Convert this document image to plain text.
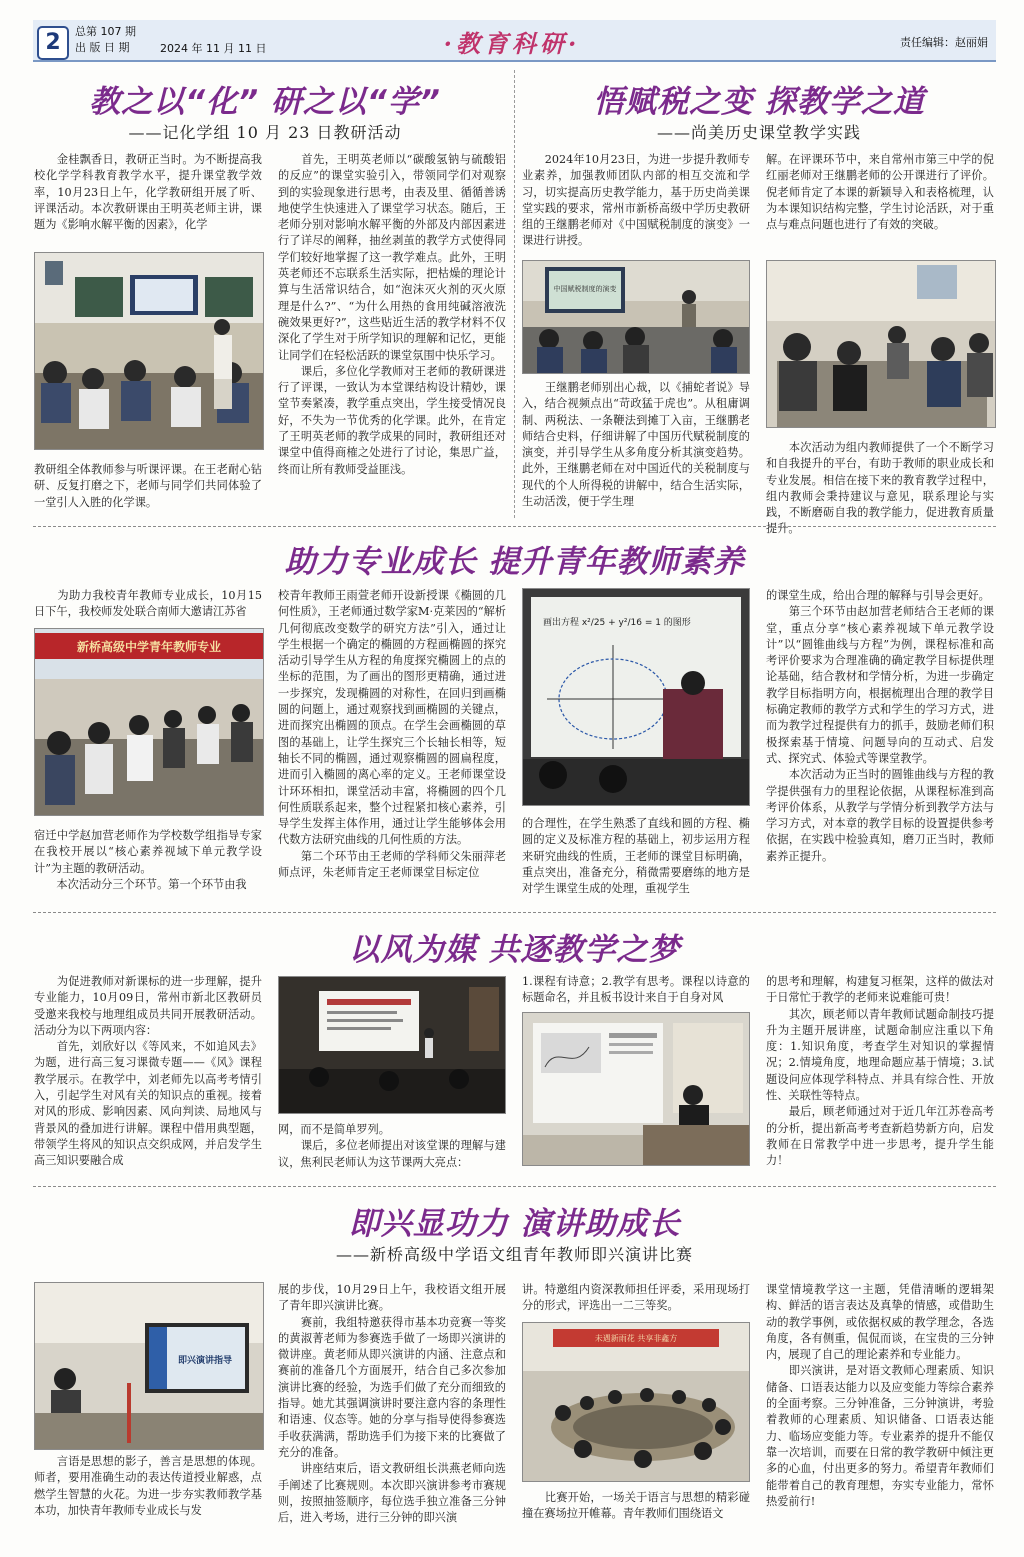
2	总第 107 期
出 版 日 期	2024 年 11 月 11 日	·教育科研·	责任编辑：赵丽娟
教之以“化” 研之以“学”
——记化学组 10 月 23 日教研活动
　　金桂飘香日，教研正当时。为不断提高我校化学学科教育教学水平，提升课堂教学效率，10月23日上午，化学教研组开展了听、评课活动。本次教研课由王明英老师主讲，课题为《影响水解平衡的因素》，化学
教研组全体教师参与听课评课。在王老耐心钻研、反复打磨之下，老师与同学们共同体验了一堂引人入胜的化学课。
　　首先，王明英老师以“碳酸氢钠与硫酸铝的反应”的课堂实验引入，带领同学们对观察到的实验现象进行思考，由表及里、循循善诱地使学生快速进入了课堂学习状态。随后，王老师分别对影响水解平衡的外部及内部因素进行了详尽的阐释，抽丝剥茧的教学方式使得同学们较好地掌握了这一教学难点。此外，王明英老师还不忘联系生活实际，把枯燥的理论计算与生活常识结合，如“泡沫灭火剂的灭火原理是什么?”、“为什么用热的食用纯碱溶液洗碗效果更好?”，这些贴近生活的教学材料不仅深化了学生对于所学知识的理解和记忆，更能让同学们在轻松活跃的课堂氛围中快乐学习。
　　课后，多位化学教师对王老师的教研课进行了评课，一致认为本堂课结构设计精妙，课堂节奏紧凑，教学重点突出，学生接受情况良好，不失为一节优秀的化学课。此外，在肯定了王明英老师的教学成果的同时，教研组还对课堂中值得商榷之处进行了讨论，集思广益，终而让所有教师受益匪浅。
悟赋税之变 探教学之道
——尚美历史课堂教学实践
　　2024年10月23日，为进一步提升教师专业素养，加强教师团队内部的相互交流和学习，切实提高历史教学能力，基于历史尚美课堂实践的要求，常州市新桥高级中学历史教研组的王继鹏老师对《中国赋税制度的演变》一课进行讲授。
中国赋税制度的演变
　　王继鹏老师别出心裁，以《捕蛇者说》导入，结合视频点出“苛政猛于虎也”。从租庸调制、两税法、一条鞭法到摊丁入亩，王继鹏老师结合史料，仔细讲解了中国历代赋税制度的演变，并引导学生从多角度分析其演变趋势。此外，王继鹏老师在对中国近代的关税制度与现代的个人所得税的讲解中，结合生活实际，生动活泼，便于学生理
解。在评课环节中，来自常州市第三中学的倪红丽老师对王继鹏老师的公开课进行了评价。倪老师肯定了本课的新颖导入和表格梳理，认为本课知识结构完整，学生讨论活跃，对于重点与难点问题也进行了有效的突破。
　　本次活动为组内教师提供了一个不断学习和自我提升的平台，有助于教师的职业成长和专业发展。相信在接下来的教育教学过程中，组内教师会秉持建议与意见，联系理论与实践，不断磨砺自我的教学能力，促进教育质量提升。
助力专业成长 提升青年教师素养
　　为助力我校青年教师专业成长，10月15日下午，我校师发处联合南师大邀请江苏省
新桥高级中学青年教师专业
宿迁中学赵加营老师作为学校数学组指导专家在我校开展以“核心素养视域下单元教学设计”为主题的教研活动。
　　本次活动分三个环节。第一个环节由我
校青年教师王雨萱老师开设新授课《椭圆的几何性质》，王老师通过数学家M·克莱因的“解析几何彻底改变数学的研究方法”引入，通过让学生根据一个确定的椭圆的方程画椭圆的探究活动引导学生从方程的角度探究椭圆上的点的坐标的范围，为了画出的图形更精确，通过进一步探究，发现椭圆的对称性，在回归到画椭圆的问题上，通过观察找到画椭圆的关键点，进而探究出椭圆的顶点。在学生会画椭圆的草图的基础上，让学生探究三个长轴长相等，短轴长不同的椭圆，通过观察椭圆的圆扁程度，进而引入椭圆的离心率的定义。王老师课堂设计环环相扣，课堂活动丰富，将椭圆的四个几何性质联系起来，整个过程紧扣核心素养，引导学生发挥主体作用，通过让学生能够体会用代数方法研究曲线的几何性质的方法。
　　第二个环节由王老师的学科师父朱丽萍老师点评，朱老师肯定王老师课堂目标定位
画出方程 x²/25 + y²/16 = 1 的图形
的合理性，在学生熟悉了直线和圆的方程、椭圆的定义及标准方程的基础上，初步运用方程来研究曲线的性质，王老师的课堂目标明确，重点突出，准备充分，稍微需要磨练的地方是对学生课堂生成的处理，重视学生
的课堂生成，给出合理的解释与引导会更好。
　　第三个环节由赵加营老师结合王老师的课堂，重点分享“核心素养视域下单元教学设计”以“圆锥曲线与方程”为例，课程标准和高考评价要求为合理准确的确定教学目标提供理论基础，结合教材和学情分析，为进一步确定教学目标指明方向，根据梳理出合理的教学目标确定教师的教学方式和学生的学习方式，进而为教学过程提供有力的抓手，鼓励老师们积极探索基于情境、问题导向的互动式、启发式、探究式、体验式等课堂教学。
　　本次活动为正当时的圆锥曲线与方程的教学提供强有力的里程论依据，从课程标准到高考评价体系，从教学与学情分析到教学方法与学习方式，对本章的教学目标的设置提供参考依据，在实践中检验真知，磨刀正当时，教师素养正提升。
以风为媒 共逐教学之梦
　　为促进教师对新课标的进一步理解，提升专业能力，10月09日，常州市新北区教研员受邀来我校与地理组成员共同开展教研活动。活动分为以下两项内容：
　　首先，刘欣好以《等风来，不如追风去》为题，进行高三复习课微专题——《风》课程教学展示。在教学中，刘老师先以高考考情引入，引起学生对风有关的知识点的重视。接着对风的形成、影响因素、风向判读、局地风与背景风的叠加进行讲解。课程中借用典型题，带领学生将风的知识点交织成网，并启发学生高三知识要融合成
网，而不是简单罗列。
　　课后，多位老师提出对该堂课的理解与建议，焦利民老师认为这节课两大亮点：
1.课程有诗意；2.教学有思考。课程以诗意的标题命名，并且板书设计来自于自身对风
的思考和理解，构建复习框架，这样的做法对于日常忙于教学的老师来说难能可贵！
　　其次，顾老师以青年教师试题命制技巧提升为主题开展讲座，试题命制应注重以下角度：1.知识角度，考查学生对知识的掌握情况；2.情境角度，地理命题应基于情境；3.试题设问应体现学科特点、并具有综合性、开放性、关联性等特点。
　　最后，顾老师通过对于近几年江苏卷高考的分析，提出新高考考查新趋势新方向，启发教师在日常教学中进一步思考，提升学生能力！
即兴显功力 演讲助成长
——新桥高级中学语文组青年教师即兴演讲比赛
即兴演讲指导
　　言语是思想的影子，善言是思想的体现。师者，要用准确生动的表达传道授业解惑，点燃学生智慧的火花。为进一步夯实教师教学基本功，加快青年教师专业成长与发
展的步伐，10月29日上午，我校语文组开展了青年即兴演讲比赛。
　　赛前，我组特邀获得市基本功竞赛一等奖的黄淑菁老师为参赛选手做了一场即兴演讲的微讲座。黄老师从即兴演讲的内涵、注意点和赛前的准备几个方面展开，结合自己多次参加演讲比赛的经验，为选手们做了充分而细致的指导。她尤其强调演讲时要注意内容的条理性和语速、仪态等。她的分享与指导使得参赛选手收获满满，帮助选手们为接下来的比赛做了充分的准备。
　　讲座结束后，语文教研组长洪燕老师向选手阐述了比赛规则。本次即兴演讲参考市赛规则，按照抽签顺序，每位选手独立准备三分钟后，进入考场，进行三分钟的即兴演
讲。特邀组内资深教师担任评委，采用现场打分的形式，评选出一二三等奖。
未遇新雨花 共享非鑫方
　　比赛开始，一场关于语言与思想的精彩碰撞在赛场拉开帷幕。青年教师们围绕语文
课堂情境教学这一主题，凭借清晰的逻辑架构、鲜活的语言表达及真挚的情感，或借助生动的教学事例，或依据权威的教学理念，各选角度，各有侧重，侃侃而谈，在宝贵的三分钟内，展现了自己的理论素养和专业能力。
　　即兴演讲，是对语文教师心理素质、知识储备、口语表达能力以及应变能力等综合素养的全面考察。三分钟准备，三分钟演讲，考验着教师的心理素质、知识储备、口语表达能力、临场应变能力等。专业素养的提升不能仅靠一次培训，而要在日常的教学教研中倾注更多的心血，付出更多的努力。希望青年教师们能带着自己的教育理想，夯实专业能力，常怀热爱前行!
